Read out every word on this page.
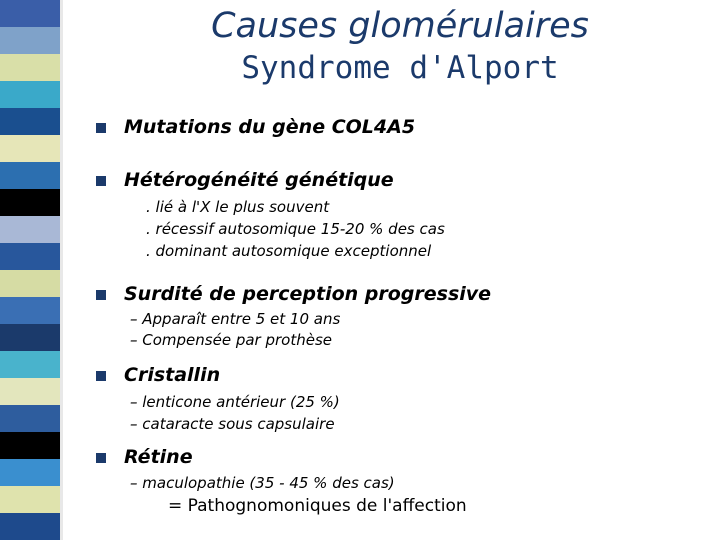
Causes glomérulaires
Syndrome d'Alport
Mutations du gène COL4A5
Hétérogénéité génétique
. lié à l'X le plus souvent
. récessif autosomique 15-20 % des cas
. dominant autosomique exceptionnel
Surdité de perception progressive
– Apparaît entre 5 et 10 ans
– Compensée par prothèse
Cristallin
– lenticone antérieur (25 %)
– cataracte sous capsulaire
Rétine
– maculopathie (35 - 45 % des cas)
= Pathognomoniques de l'affection
